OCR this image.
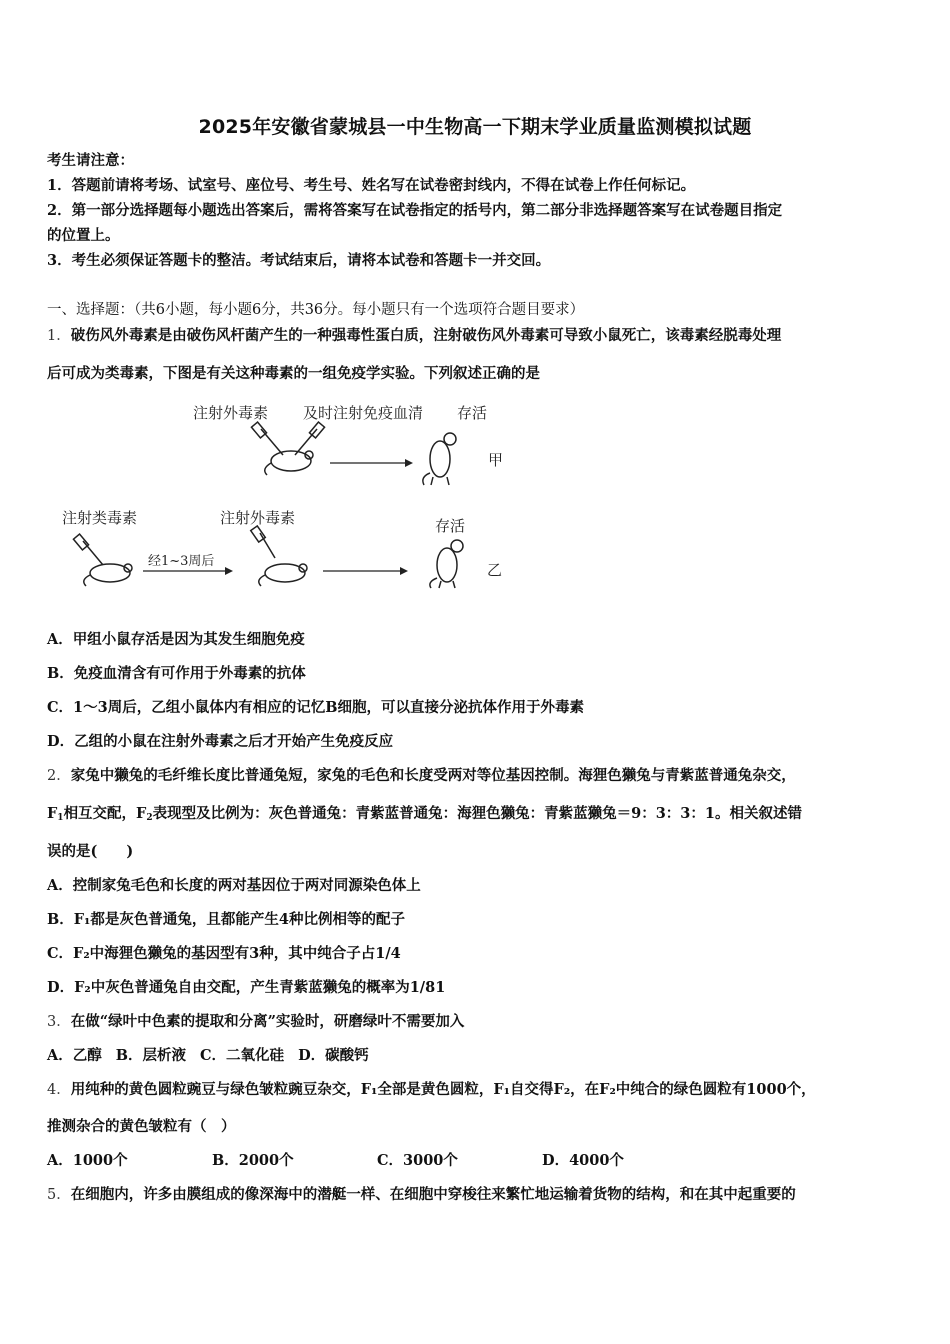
2025年安徽省蒙城县一中生物高一下期末学业质量监测模拟试题
考生请注意：
1．答题前请将考场、试室号、座位号、考生号、姓名写在试卷密封线内，不得在试卷上作任何标记。
2．第一部分选择题每小题选出答案后，需将答案写在试卷指定的括号内，第二部分非选择题答案写在试卷题目指定
的位置上。
3．考生必须保证答题卡的整洁。考试结束后，请将本试卷和答题卡一并交回。
一、选择题：（共6小题，每小题6分，共36分。每小题只有一个选项符合题目要求）
1．破伤风外毒素是由破伤风杆菌产生的一种强毒性蛋白质，注射破伤风外毒素可导致小鼠死亡，该毒素经脱毒处理
后可成为类毒素，下图是有关这种毒素的一组免疫学实验。下列叙述正确的是
注射外毒素 及时注射免疫血清 存活
甲
注射类毒素	注射外毒素	存活
经1~3周后	乙
A．甲组小鼠存活是因为其发生细胞免疫
B．免疫血清含有可作用于外毒素的抗体
C．1～3周后，乙组小鼠体内有相应的记忆B细胞，可以直接分泌抗体作用于外毒素
D．乙组的小鼠在注射外毒素之后才开始产生免疫反应
2．家兔中獭兔的毛纤维长度比普通兔短，家兔的毛色和长度受两对等位基因控制。海狸色獭兔与青紫蓝普通兔杂交，
$F_1$相互交配，$F_2$表现型及比例为：灰色普通兔：青紫蓝普通兔：海狸色獭兔：青紫蓝獭兔＝9：3：3：1。相关叙述错
误的是(　　)
A．控制家兔毛色和长度的两对基因位于两对同源染色体上
B．F₁都是灰色普通兔，且都能产生4种比例相等的配子
C．F₂中海狸色獭兔的基因型有3种，其中纯合子占1/4
D．F₂中灰色普通兔自由交配，产生青紫蓝獭兔的概率为1/81
3．在做“绿叶中色素的提取和分离”实验时，研磨绿叶不需要加入
A．乙醇 B．层析液 C．二氧化硅 D．碳酸钙
4．用纯种的黄色圆粒豌豆与绿色皱粒豌豆杂交，F₁全部是黄色圆粒，F₁自交得F₂，在F₂中纯合的绿色圆粒有1000个，
推测杂合的黄色皱粒有（　）
A．1000个	B．2000个	C．3000个	D．4000个
5．在细胞内，许多由膜组成的像深海中的潜艇一样、在细胞中穿梭往来繁忙地运输着货物的结构，和在其中起重要的
